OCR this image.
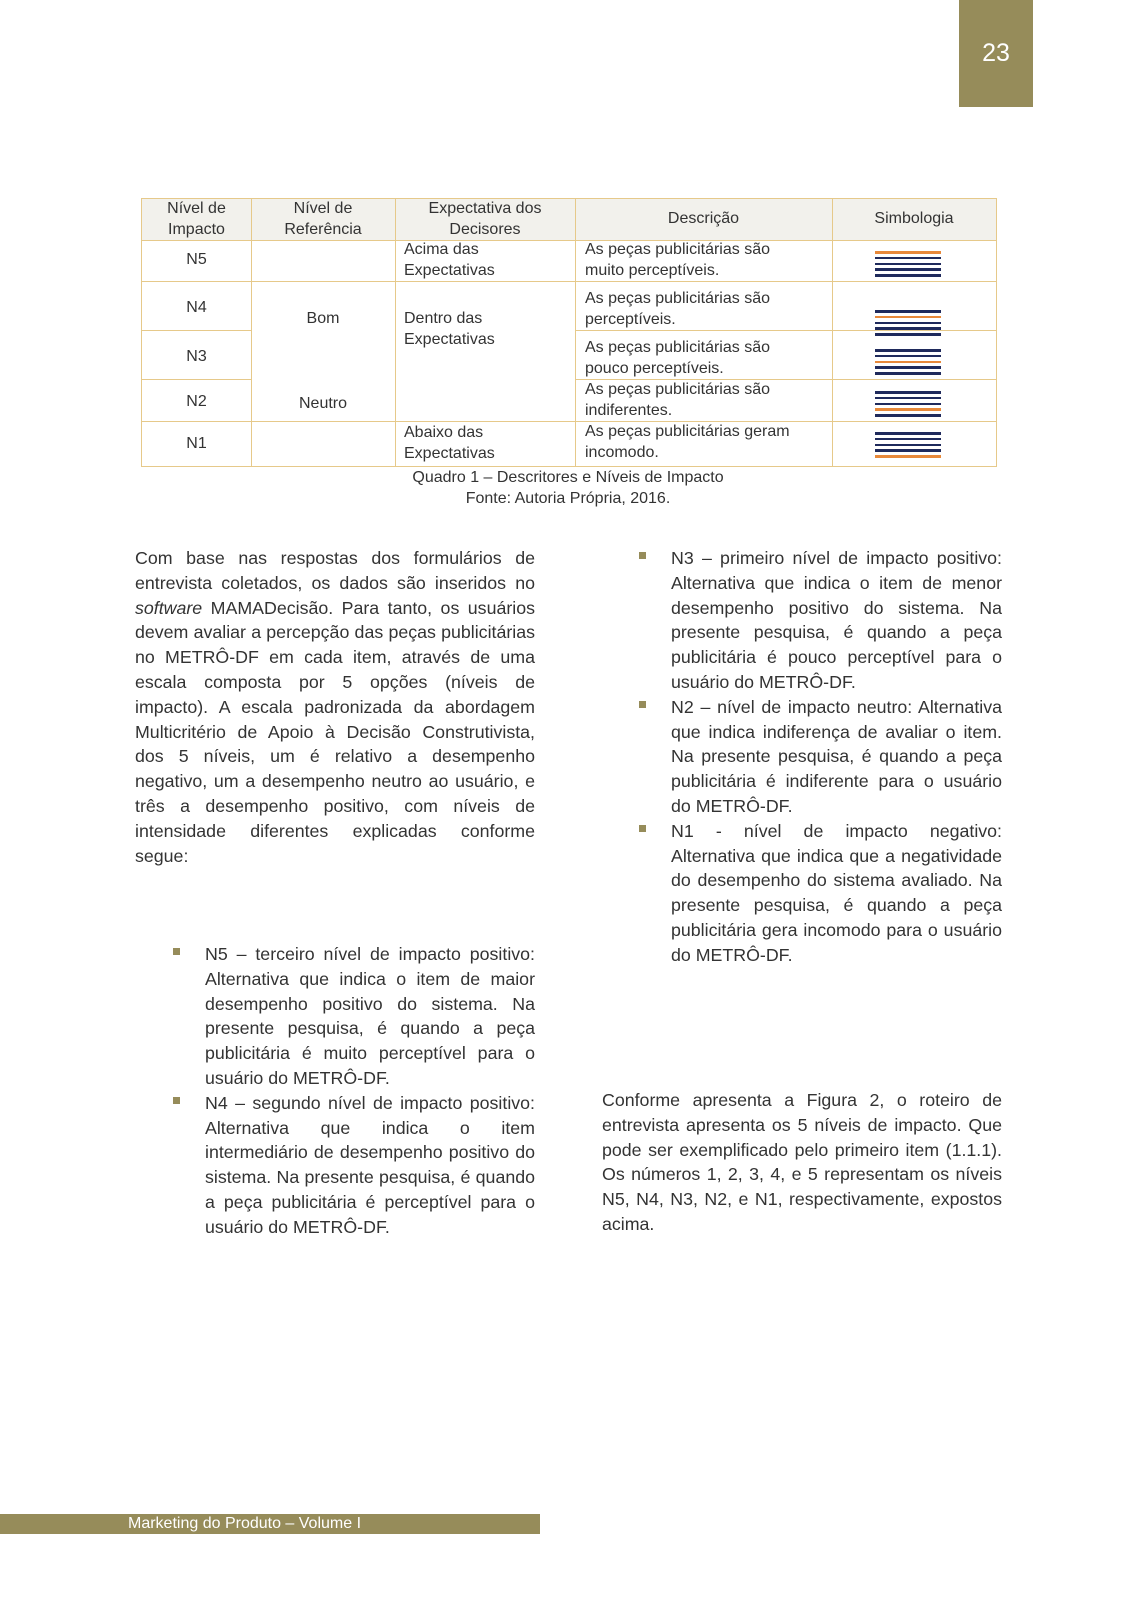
23
Nível de
Impacto
Nível de
Referência
Expectativa dos
Decisores
Descrição	Simbologia
N5
N4
N3
N2
N1
Bom
Neutro
Acima das
Expectativas
Dentro das
Expectativas
Abaixo das
Expectativas
As peças publicitárias são
muito perceptíveis.
As peças publicitárias são
perceptíveis.
As peças publicitárias são
pouco perceptíveis.
As peças publicitárias são
indiferentes.
As peças publicitárias geram
incomodo.
Quadro 1 – Descritores e Níveis de Impacto
Fonte: Autoria Própria, 2016.

Com base nas respostas dos formulários de entrevista coletados, os dados são inseridos no software MAMADecisão. Para tanto, os usuários devem avaliar a percepção das peças publicitárias no METRÔ-DF em cada item, através de uma escala composta por 5 opções (níveis de impacto). A escala padronizada da abordagem Multicritério de Apoio à Decisão Construtivista, dos 5 níveis, um é relativo a desempenho negativo, um a desempenho neutro ao usuário, e três a desempenho positivo, com níveis de intensidade diferentes explicadas conforme segue:

N5 – terceiro nível de impacto positivo: Alternativa que indica o item de maior desempenho positivo do sistema. Na presente pesquisa, é quando a peça publicitária é muito perceptível para o usuário do METRÔ-DF.
N4 – segundo nível de impacto positivo: Alternativa que indica o item intermediário de desempenho positivo do sistema. Na presente pesquisa, é quando a peça publicitária é perceptível para o usuário do METRÔ-DF.
N3 – primeiro nível de impacto positivo: Alternativa que indica o item de menor desempenho positivo do sistema. Na presente pesquisa, é quando a peça publicitária é pouco perceptível para o usuário do METRÔ-DF.
N2 – nível de impacto neutro: Alternativa que indica indiferença de avaliar o item. Na presente pesquisa, é quando a peça publicitária é indiferente para o usuário do METRÔ-DF.
N1 - nível de impacto negativo: Alternativa que indica que a negatividade do desempenho do sistema avaliado. Na presente pesquisa, é quando a peça publicitária gera incomodo para o usuário do METRÔ-DF.

Conforme apresenta a Figura 2, o roteiro de entrevista apresenta os 5 níveis de impacto. Que pode ser exemplificado pelo primeiro item (1.1.1). Os números 1, 2, 3, 4, e 5 representam os níveis N5, N4, N3, N2, e N1, respectivamente, expostos acima.

Marketing do Produto – Volume I
